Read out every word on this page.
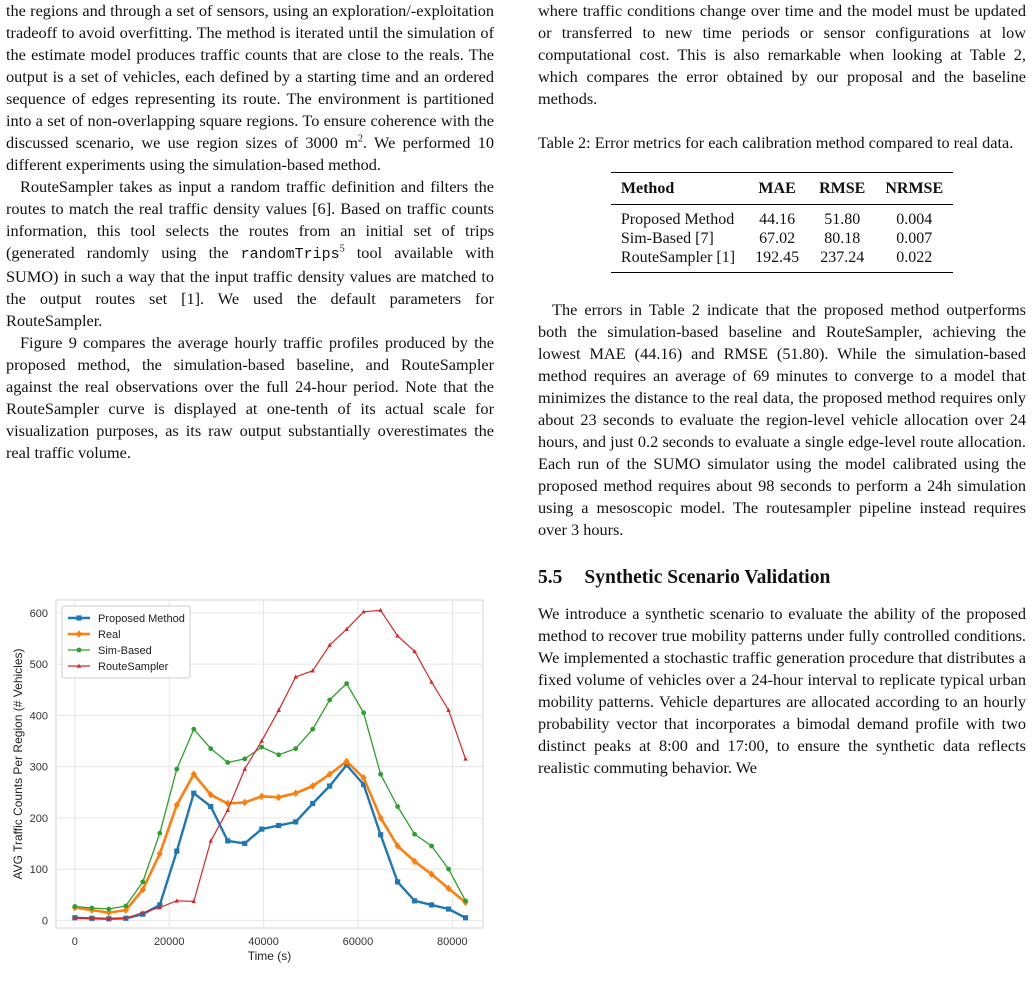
the regions and through a set of sensors, using an exploration/-exploitation tradeoff to avoid overfitting. The method is iterated until the simulation of the estimate model produces traffic counts that are close to the reals. The output is a set of vehicles, each defined by a starting time and an ordered sequence of edges representing its route. The environment is partitioned into a set of non-overlapping square regions. To ensure coherence with the discussed scenario, we use region sizes of 3000 $m^2$. We performed 10 different experiments using the simulation-based method.

RouteSampler takes as input a random traffic definition and filters the routes to match the real traffic density values [6]. Based on traffic counts information, this tool selects the routes from an initial set of trips (generated randomly using the randomTrips$^5$ tool available with SUMO) in such a way that the input traffic density values are matched to the output routes set [1]. We used the default parameters for RouteSampler.

Figure 9 compares the average hourly traffic profiles produced by the proposed method, the simulation-based baseline, and RouteSampler against the real observations over the full 24-hour period. Note that the RouteSampler curve is displayed at one-tenth of its actual scale for visualization purposes, as its raw output substantially overestimates the real traffic volume.

0	20000	40000	60000	80000
0
100
200
300
400
500
600
Time (s)
AVG Traffic Counts Per Region (# Vehicles)
Proposed Method
Real
Sim-Based
RouteSampler

where traffic conditions change over time and the model must be updated or transferred to new time periods or sensor configurations at low computational cost. This is also remarkable when looking at Table 2, which compares the error obtained by our proposal and the baseline methods.

Table 2: Error metrics for each calibration method compared to real data.

Method	MAE	RMSE	NRMSE
Proposed Method	44.16	51.80	0.004
Sim-Based [7]	67.02	80.18	0.007
RouteSampler [1]	192.45	237.24	0.022

The errors in Table 2 indicate that the proposed method outperforms both the simulation-based baseline and RouteSampler, achieving the lowest MAE (44.16) and RMSE (51.80). While the simulation-based method requires an average of 69 minutes to converge to a model that minimizes the distance to the real data, the proposed method requires only about 23 seconds to evaluate the region-level vehicle allocation over 24 hours, and just 0.2 seconds to evaluate a single edge-level route allocation. Each run of the SUMO simulator using the model calibrated using the proposed method requires about 98 seconds to perform a 24h simulation using a mesoscopic model. The routesampler pipeline instead requires over 3 hours.

5.5 Synthetic Scenario Validation

We introduce a synthetic scenario to evaluate the ability of the proposed method to recover true mobility patterns under fully controlled conditions. We implemented a stochastic traffic generation procedure that distributes a fixed volume of vehicles over a 24-hour interval to replicate typical urban mobility patterns. Vehicle departures are allocated according to an hourly probability vector that incorporates a bimodal demand profile with two distinct peaks at 8:00 and 17:00, to ensure the synthetic data reflects realistic commuting behavior. We
